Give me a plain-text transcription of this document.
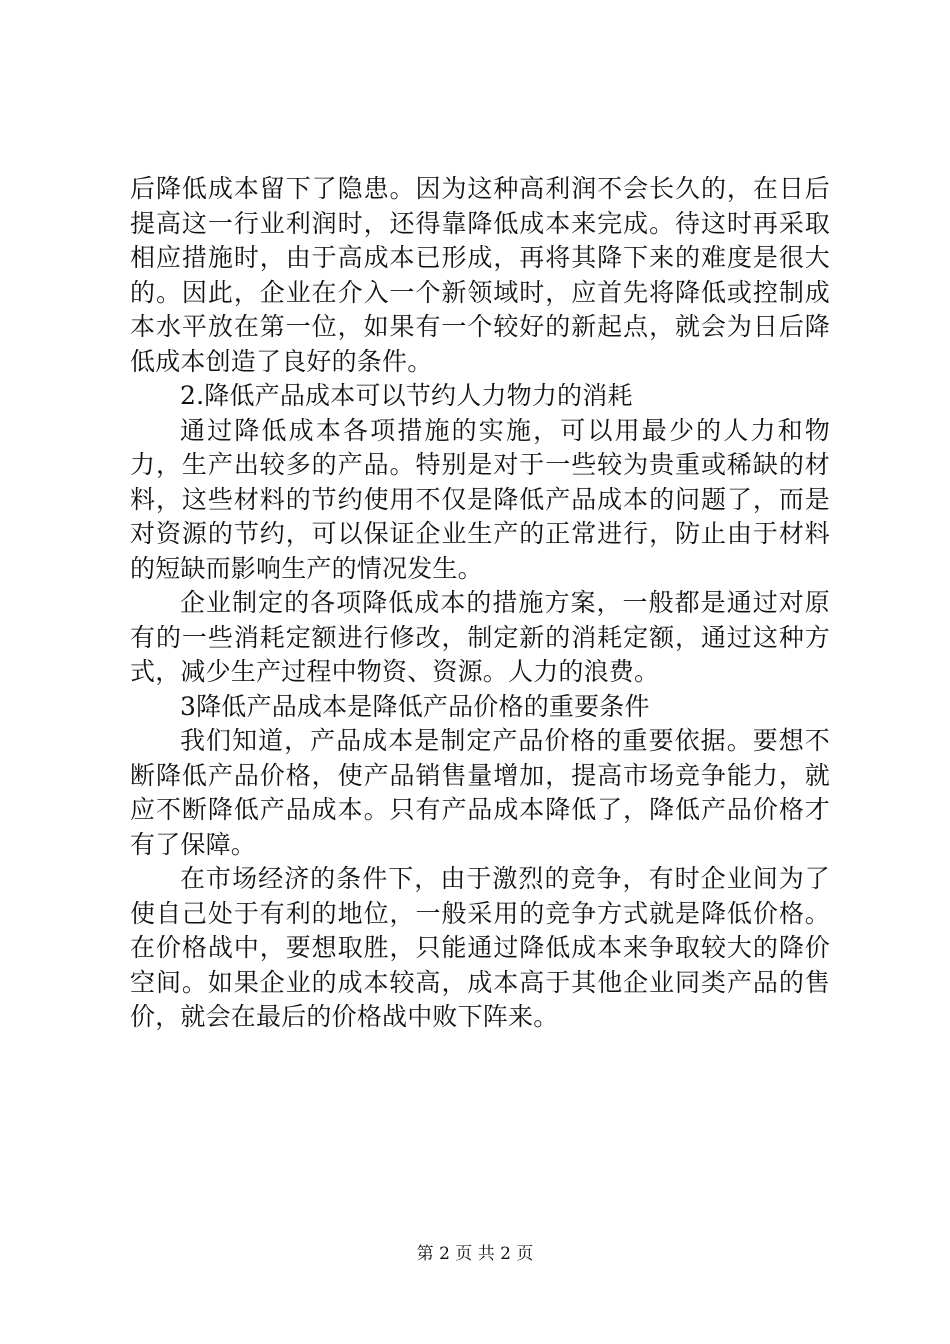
后降低成本留下了隐患。因为这种高利润不会长久的，在日后提高这一行业利润时，还得靠降低成本来完成。待这时再采取相应措施时，由于高成本已形成，再将其降下来的难度是很大的。因此，企业在介入一个新领域时，应首先将降低或控制成本水平放在第一位，如果有一个较好的新起点，就会为日后降低成本创造了良好的条件。

2.降低产品成本可以节约人力物力的消耗

通过降低成本各项措施的实施，可以用最少的人力和物力，生产出较多的产品。特别是对于一些较为贵重或稀缺的材料，这些材料的节约使用不仅是降低产品成本的问题了，而是对资源的节约，可以保证企业生产的正常进行，防止由于材料的短缺而影响生产的情况发生。

企业制定的各项降低成本的措施方案，一般都是通过对原有的一些消耗定额进行修改，制定新的消耗定额，通过这种方式，减少生产过程中物资、资源。人力的浪费。

3降低产品成本是降低产品价格的重要条件

我们知道，产品成本是制定产品价格的重要依据。要想不断降低产品价格，使产品销售量增加，提高市场竞争能力，就应不断降低产品成本。只有产品成本降低了，降低产品价格才有了保障。

在市场经济的条件下，由于激烈的竞争，有时企业间为了使自己处于有利的地位，一般采用的竞争方式就是降低价格。在价格战中，要想取胜，只能通过降低成本来争取较大的降价空间。如果企业的成本较高，成本高于其他企业同类产品的售价，就会在最后的价格战中败下阵来。

第 2 页 共 2 页
